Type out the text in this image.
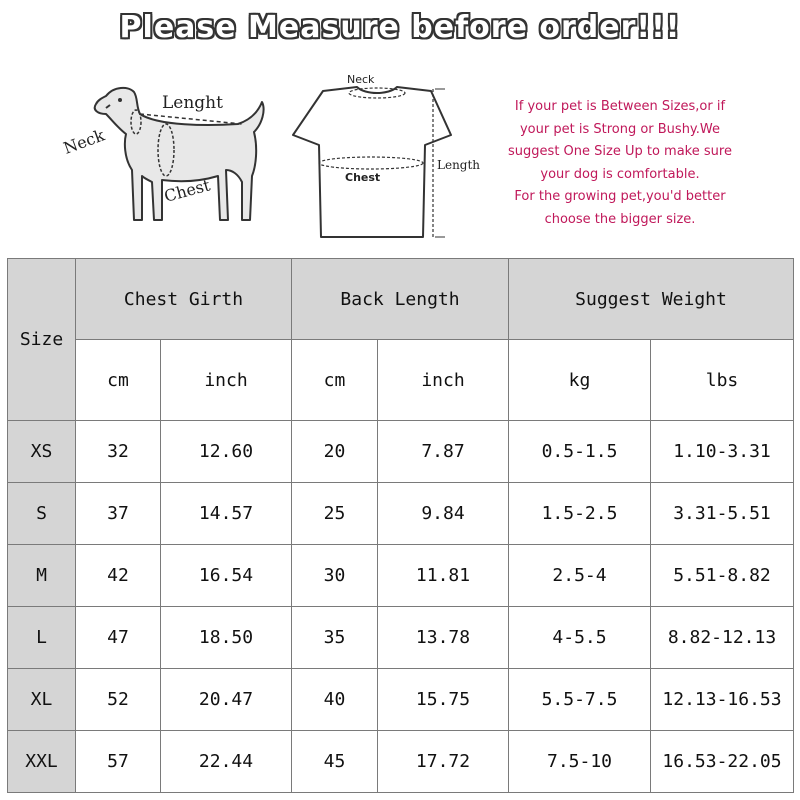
Please Measure before order!!!
Lenght
Neck
Chest
Neck
Chest
Length
If your pet is Between Sizes,or if
your pet is Strong or Bushy.We
suggest One Size Up to make sure
your dog is comfortable.
For the growing pet,you'd better
choose the bigger size.
Size	Chest Girth		Back Length		Suggest Weight	
	cm	inch	cm	inch	kg	lbs
XS	32	12.60	20	7.87	0.5-1.5	1.10-3.31
S	37	14.57	25	9.84	1.5-2.5	3.31-5.51
M	42	16.54	30	11.81	2.5-4	5.51-8.82
L	47	18.50	35	13.78	4-5.5	8.82-12.13
XL	52	20.47	40	15.75	5.5-7.5	12.13-16.53
XXL	57	22.44	45	17.72	7.5-10	16.53-22.05
